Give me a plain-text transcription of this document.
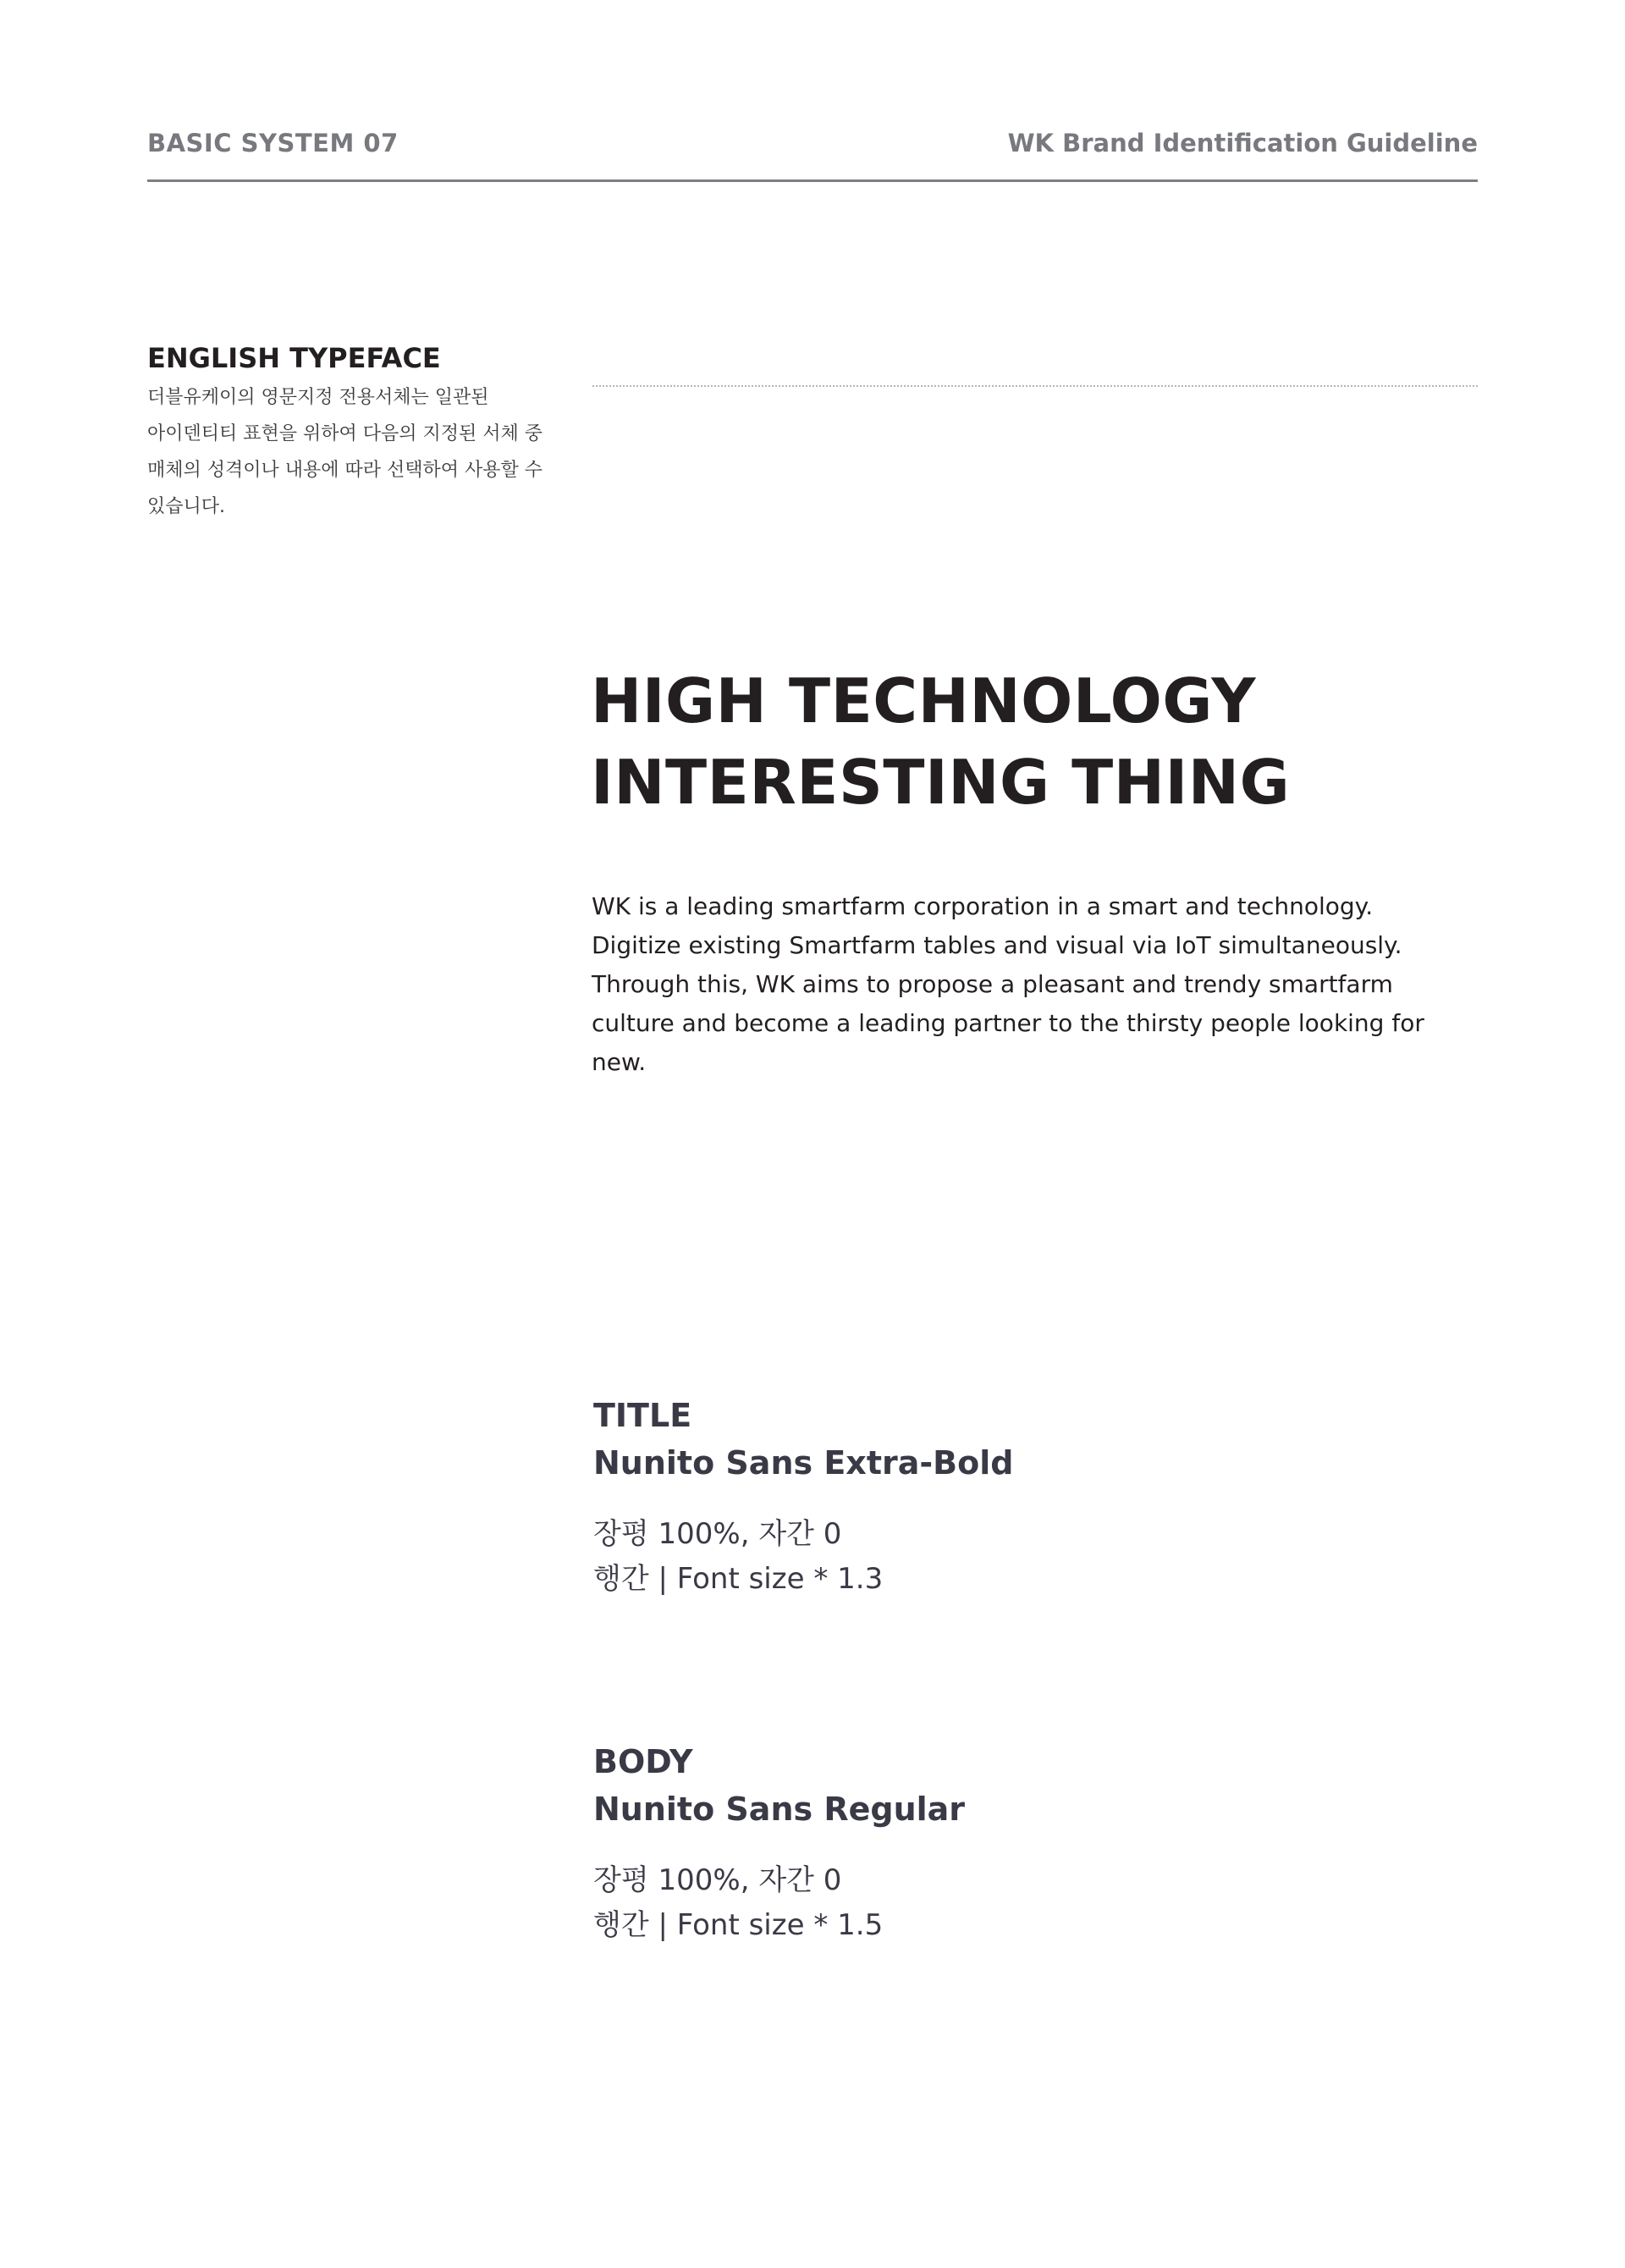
BASIC SYSTEM 07	WK Brand Identification Guideline
ENGLISH TYPEFACE

더블유케이의 영문지정 전용서체는 일관된
아이덴티티 표현을 위하여 다음의 지정된 서체 중
매체의 성격이나 내용에 따라 선택하여 사용할 수
있습니다.

HIGH TECHNOLOGY
INTERESTING THING
WK is a leading smartfarm corporation in a smart and technology.
Digitize existing Smartfarm tables and visual via IoT simultaneously.
Through this, WK aims to propose a pleasant and trendy smartfarm
culture and become a leading partner to the thirsty people looking for
new.
TITLE
Nunito Sans Extra-Bold
장평 100%, 자간 0
행간 | Font size * 1.3
BODY
Nunito Sans Regular
장평 100%, 자간 0
행간 | Font size * 1.5
